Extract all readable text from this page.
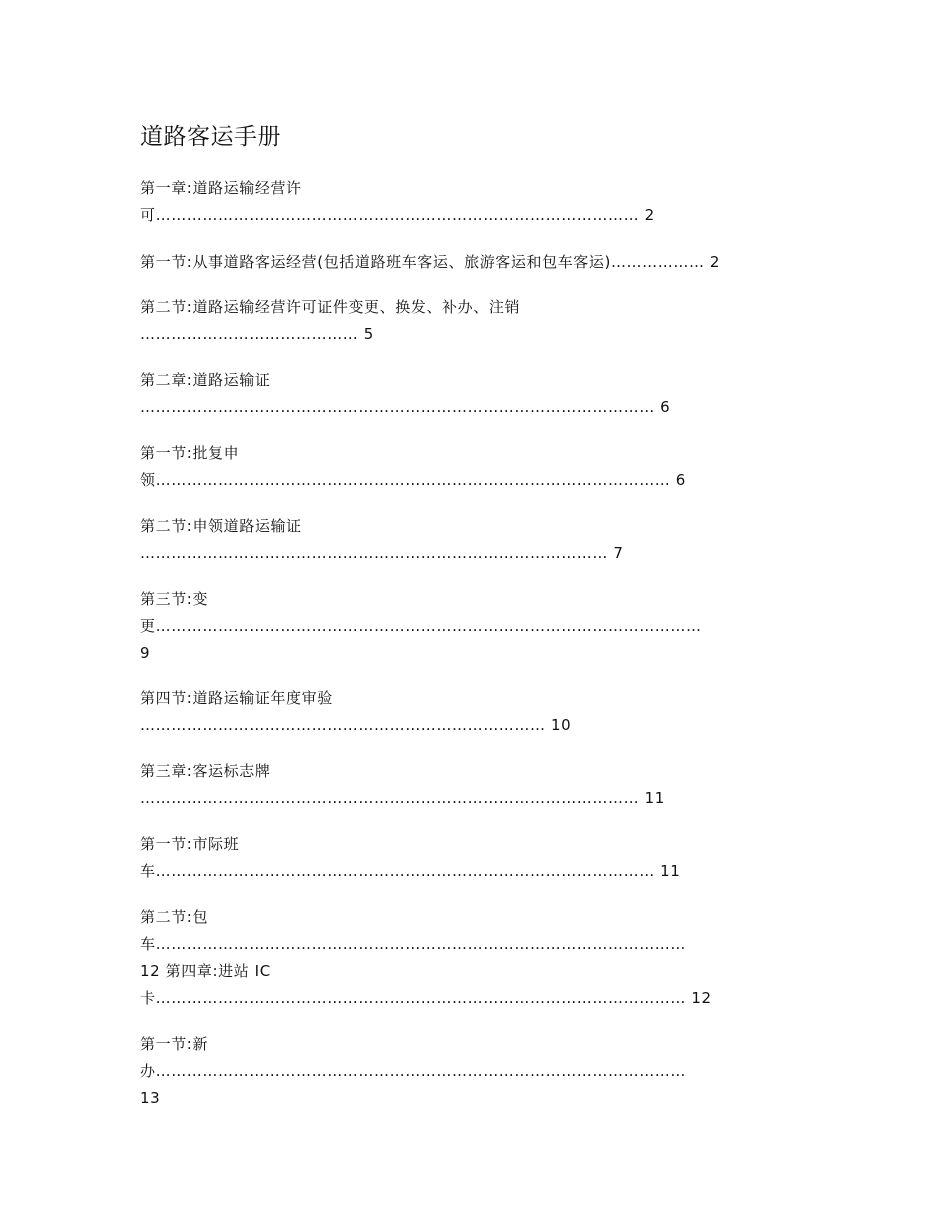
道路客运手册
第一章:道路运输经营许
可………………………………………………………………………………… 2
第一节:从事道路客运经营(包括道路班车客运、旅游客运和包车客运)……………… 2
第二节:道路运输经营许可证件变更、换发、补办、注销
…………………………………… 5
第二章:道路运输证
……………………………………………………………………………………… 6
第一节:批复申
领……………………………………………………………………………………… 6
第二节:申领道路运输证
……………………………………………………………………………… 7
第三节:变
更……………………………………………………………………………………………
9
第四节:道路运输证年度审验
…………………………………………………………………… 10
第三章:客运标志牌
…………………………………………………………………………………… 11
第一节:市际班
车…………………………………………………………………………………… 11
第二节:包
车…………………………………………………………………………………………
12 第四章:进站 IC
卡………………………………………………………………………………………… 12
第一节:新
办…………………………………………………………………………………………
13
